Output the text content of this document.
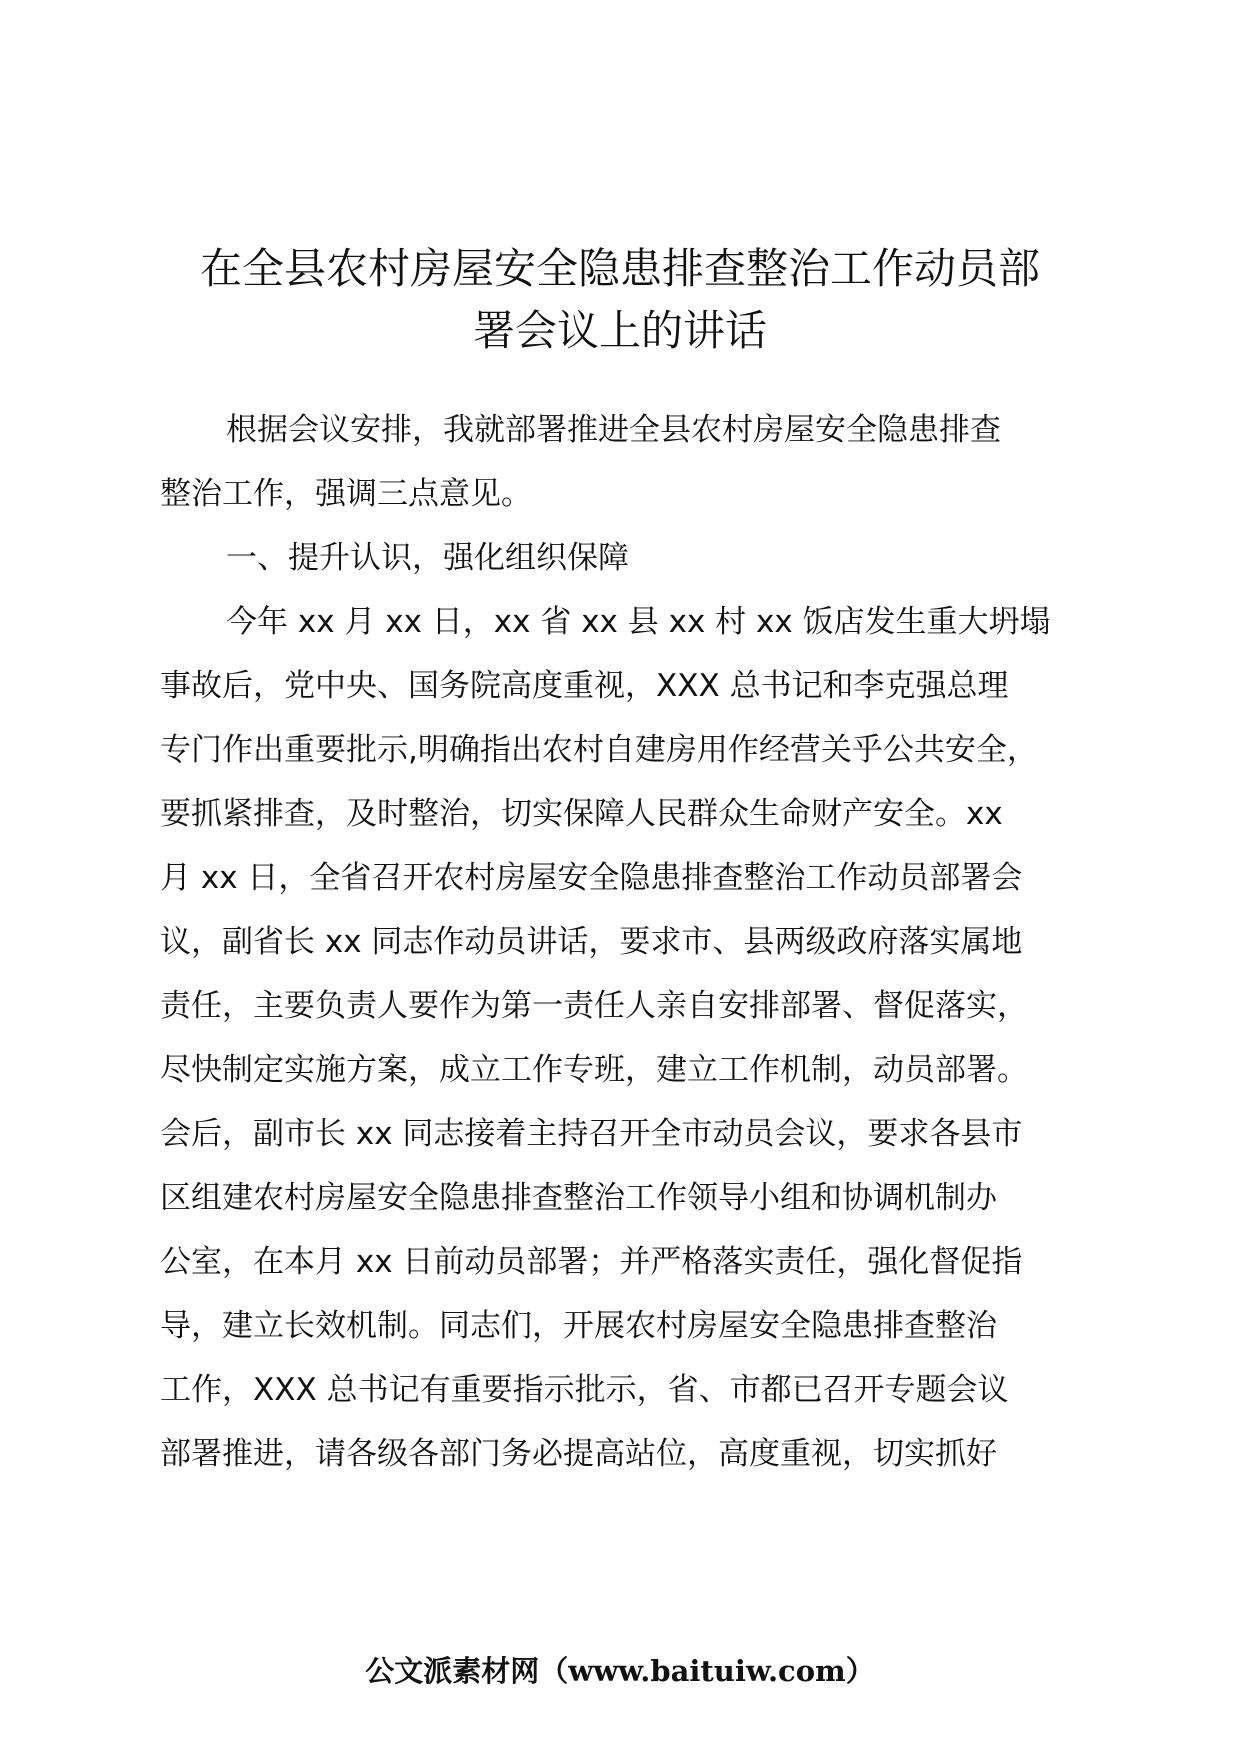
在全县农村房屋安全隐患排查整治工作动员部
署会议上的讲话
根据会议安排，我就部署推进全县农村房屋安全隐患排查
整治工作，强调三点意见。
一、提升认识，强化组织保障
今年 xx 月 xx 日，xx 省 xx 县 xx 村 xx 饭店发生重大坍塌
事故后，党中央、国务院高度重视，XXX 总书记和李克强总理
专门作出重要批示,明确指出农村自建房用作经营关乎公共安全，
要抓紧排查，及时整治，切实保障人民群众生命财产安全。xx
月 xx 日，全省召开农村房屋安全隐患排查整治工作动员部署会
议，副省长 xx 同志作动员讲话，要求市、县两级政府落实属地
责任，主要负责人要作为第一责任人亲自安排部署、督促落实，
尽快制定实施方案，成立工作专班，建立工作机制，动员部署。
会后，副市长 xx 同志接着主持召开全市动员会议，要求各县市
区组建农村房屋安全隐患排查整治工作领导小组和协调机制办
公室，在本月 xx 日前动员部署；并严格落实责任，强化督促指
导，建立长效机制。同志们，开展农村房屋安全隐患排查整治
工作，XXX 总书记有重要指示批示，省、市都已召开专题会议
部署推进，请各级各部门务必提高站位，高度重视，切实抓好
公文派素材网（www.baituiw.com）
